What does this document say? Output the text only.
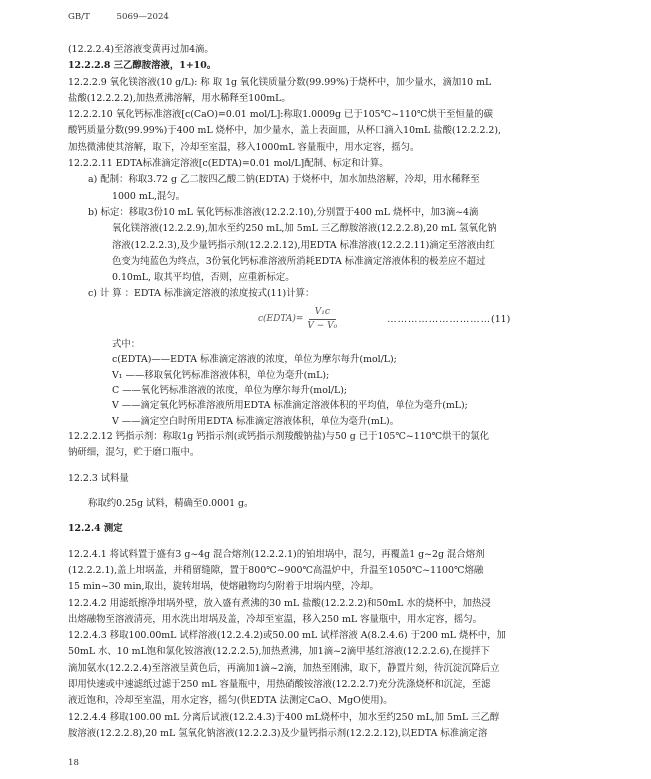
GB/T	5069—2024

(12.2.2.4)至溶液变黄再过加4滴。

12.2.2.8 三乙醇胺溶液，1+10。

12.2.2.9 氧化镁溶液(10 g/L): 称 取 1g 氧化镁质量分数(99.99%)于烧杯中，加少量水，滴加10 mL

盐酸(12.2.2.2),加热煮沸溶解，用水稀释至100mL。

12.2.2.10 氧化钙标准溶液[c(CaO)=0.01 mol/L]:称取1.0009g 已于105℃~110℃烘干至恒量的碳

酸钙质量分数(99.99%)于400 mL 烧杯中，加少量水，盖上表面皿，从杯口滴入10mL 盐酸(12.2.2.2),

加热微沸使其溶解，取下，冷却至室温，移入1000mL 容量瓶中，用水定容，摇匀。

12.2.2.11 EDTA标准滴定溶液[c(EDTA)=0.01 mol/L]配制、标定和计算。

a) 配制：称取3.72 g 乙二胺四乙酸二钠(EDTA) 于烧杯中，加水加热溶解，冷却，用水稀释至

1000 mL,混匀。

b) 标定：移取3份10 mL 氧化钙标准溶液(12.2.2.10),分别置于400 mL 烧杯中，加3滴~4滴

氧化镁溶液(12.2.2.9),加水至约250 mL,加 5mL 三乙醇胺溶液(12.2.2.8),20 mL 氢氧化钠

溶液(12.2.2.3),及少量钙指示剂(12.2.2.12),用EDTA 标准溶液(12.2.2.11)滴定至溶液由红

色变为纯蓝色为终点，3份氧化钙标准溶液所消耗EDTA 标准滴定溶液体积的极差应不超过

0.10mL, 取其平均值，否则，应重新标定。

c) 计 算 ：EDTA 标准滴定溶液的浓度按式(11)计算：

c(EDTA)= $\frac{\text{V₁c}}{\text{V − V₀}}$	………………………… (11)

式中：

c(EDTA)——EDTA 标准滴定溶液的浓度，单位为摩尔每升(mol/L);

V₁ ——移取氧化钙标准溶液体积，单位为毫升(mL);

C ——氧化钙标准溶液的浓度，单位为摩尔每升(mol/L);

V ——滴定氧化钙标准溶液所用EDTA 标准滴定溶液体积的平均值，单位为毫升(mL);

V ——滴定空白时所用EDTA 标准滴定溶液体积，单位为毫升(mL)。

12.2.2.12 钙指示剂：称取1g 钙指示剂(或钙指示剂羧酸钠盐)与50 g 已于105℃~110℃烘干的氯化

钠研细，混匀，贮于磨口瓶中。

12.2.3 试料量

称取约0.25g 试料，精确至0.0001 g。

12.2.4 测定

12.2.4.1 将试料置于盛有3 g~4g 混合熔剂(12.2.2.1)的铂坩埚中，混匀，再覆盖1 g~2g 混合熔剂

(12.2.2.1),盖上坩埚盖，并稍留缝隙，置于800℃~900℃高温炉中，升温至1050℃~1100℃熔融

15 min~30 min,取出，旋转坩埚，使熔融物均匀附着于坩埚内壁，冷却。

12.2.4.2 用滤纸擦净坩埚外壁，放入盛有煮沸的30 mL 盐酸(12.2.2.2)和50mL 水的烧杯中，加热浸

出熔融物至溶液清亮，用水洗出坩埚及盖，冷却至室温，移入250 mL 容量瓶中，用水定容，摇匀。

12.2.4.3 移取100.00mL 试样溶液(12.2.4.2)或50.00 mL 试样溶液 A(8.2.4.6) 于200 mL 烧杯中，加

50mL 水、10 mL饱和氯化铵溶液(12.2.2.5),加热煮沸，加1滴~2滴甲基红溶液(12.2.2.6),在搅拌下

滴加氨水(12.2.2.4)至溶液呈黄色后，再滴加1滴~2滴，加热至刚沸，取下，静置片刻，待沉淀沉降后立

即用快速或中速滤纸过滤于250 mL 容量瓶中，用热硝酸铵溶液(12.2.2.7)充分洗涤烧杯和沉淀，至滤

液近饱和，冷却至室温，用水定容，摇匀(供EDTA 法测定CaO、MgO使用)。

12.2.4.4 移取100.00 mL 分离后试液(12.2.4.3)于400 mL烧杯中，加水至约250 mL,加 5mL 三乙醇

胺溶液(12.2.2.8),20 mL 氢氧化钠溶液(12.2.2.3)及少量钙指示剂(12.2.2.12),以EDTA 标准滴定溶

18
